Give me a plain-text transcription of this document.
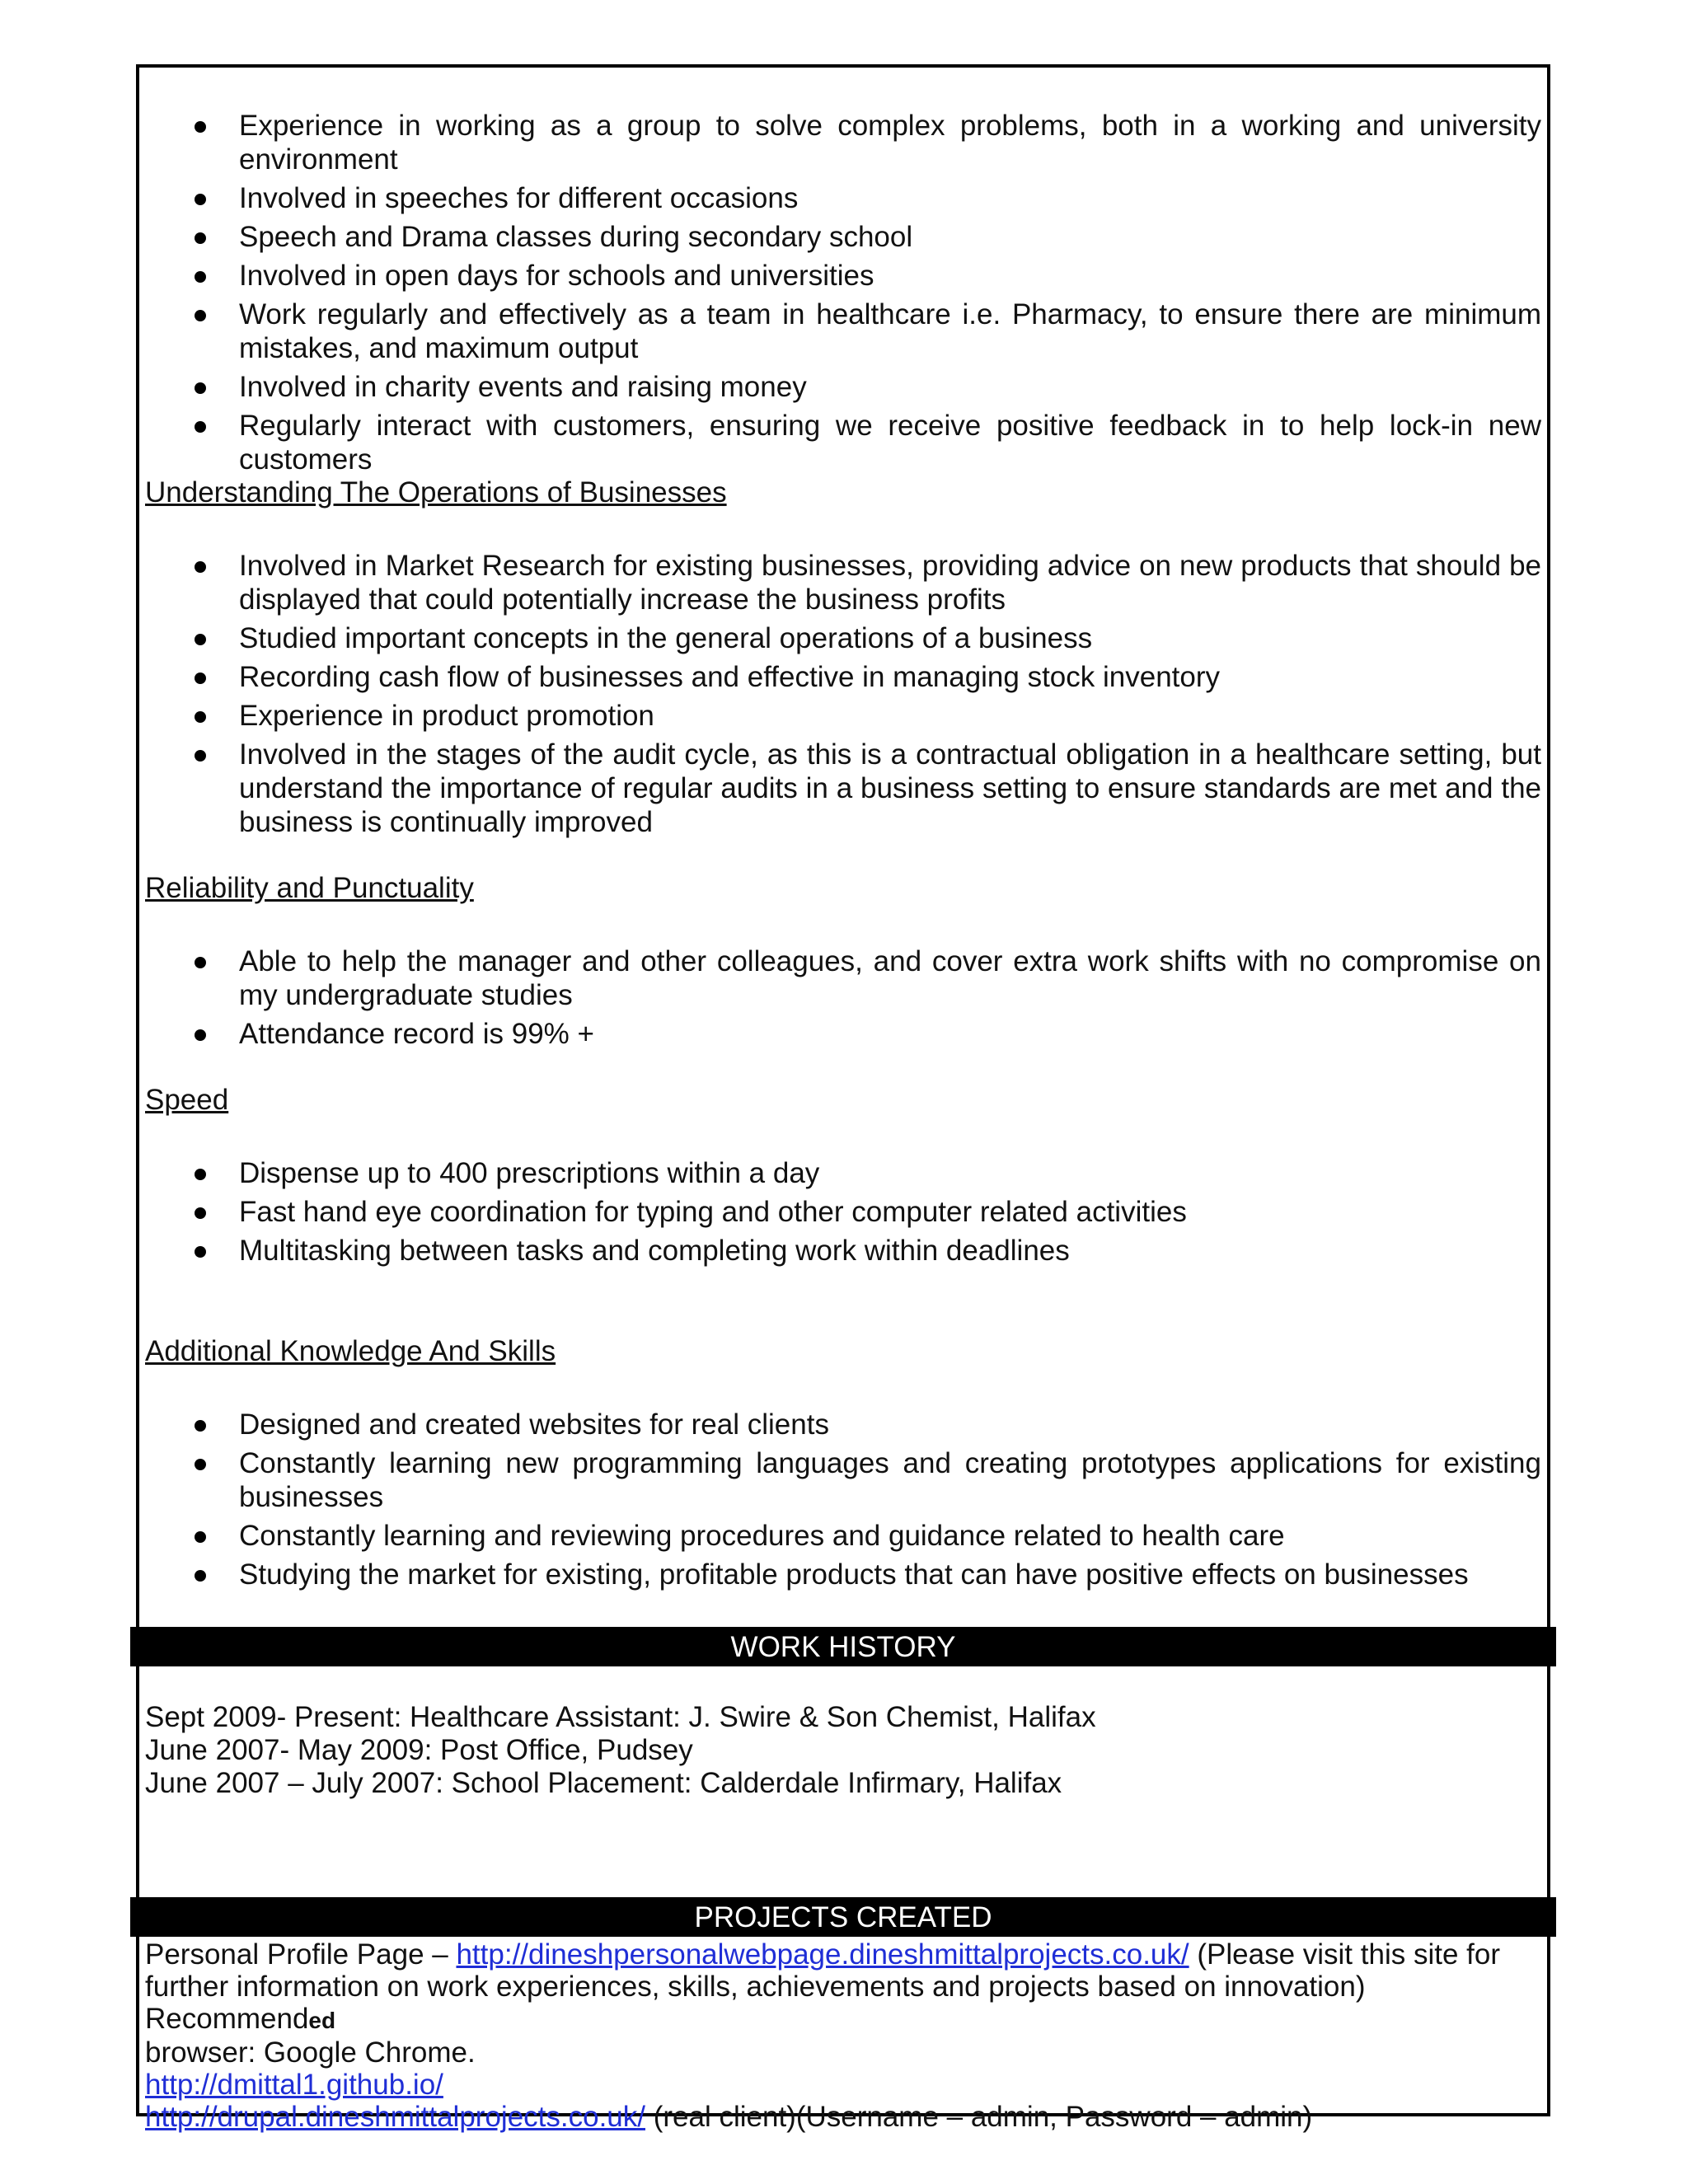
Experience in working as a group to solve complex problems, both in a working and university environment
Involved in speeches for different occasions
Speech and Drama classes during secondary school
Involved in open days for schools and universities
Work regularly and effectively as a team in healthcare i.e. Pharmacy, to ensure there are minimum mistakes, and maximum output
Involved in charity events and raising money
Regularly interact with customers, ensuring we receive positive feedback in to help lock-in new customers
Understanding The Operations of Businesses
Involved in Market Research for existing businesses, providing advice on new products that should be displayed that could potentially increase the business profits
Studied important concepts in the general operations of a business
Recording cash flow of businesses and effective in managing stock inventory
Experience in product promotion
Involved in the stages of the audit cycle, as this is a contractual obligation in a healthcare setting, but understand the importance of regular audits in a business setting to ensure standards are met and the business is continually improved
Reliability and Punctuality
Able to help the manager and other colleagues, and cover extra work shifts with no compromise on my undergraduate studies
Attendance record is 99% +
Speed
Dispense up to 400 prescriptions within a day
Fast hand eye coordination for typing and other computer related activities
Multitasking between tasks and completing work within deadlines
Additional Knowledge And Skills
Designed and created websites for real clients
Constantly learning new programming languages and creating prototypes applications for existing businesses
Constantly learning and reviewing procedures and guidance related to health care
Studying the market for existing, profitable products that can have positive effects on businesses
WORK HISTORY
Sept 2009- Present: Healthcare Assistant: J. Swire & Son Chemist, Halifax
June 2007- May 2009: Post Office, Pudsey
June 2007 – July 2007: School Placement: Calderdale Infirmary, Halifax
PROJECTS CREATED
Personal Profile Page – http://dineshpersonalwebpage.dineshmittalprojects.co.uk/ (Please visit this site for further information on work experiences, skills, achievements and projects based on innovation) Recommended
browser: Google Chrome.
http://dmittal1.github.io/
http://drupal.dineshmittalprojects.co.uk/ (real client)(Username – admin, Password – admin)
